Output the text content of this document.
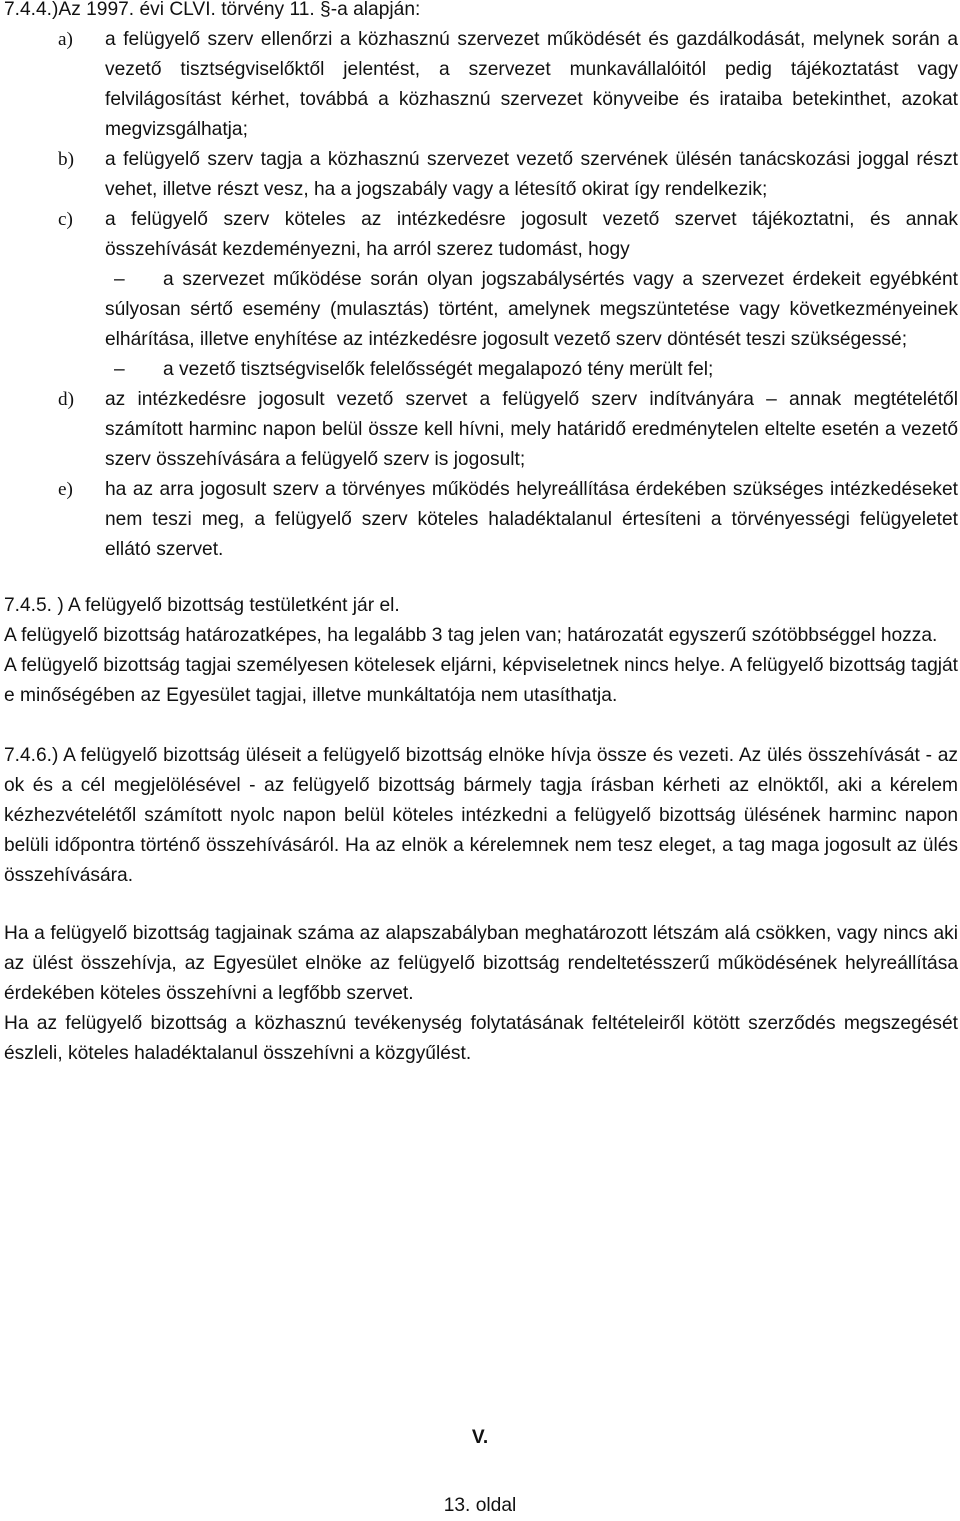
7.4.4.)Az 1997. évi CLVI. törvény 11. §-a alapján:

a) a felügyelő szerv ellenőrzi a közhasznú szervezet működését és gazdálkodását, melynek során a vezető tisztségviselőktől jelentést, a szervezet munkavállalóitól pedig tájékoztatást vagy felvilágosítást kérhet, továbbá a közhasznú szervezet könyveibe és irataiba betekinthet, azokat megvizsgálhatja;
b) a felügyelő szerv tagja a közhasznú szervezet vezető szervének ülésén tanácskozási joggal részt vehet, illetve részt vesz, ha a jogszabály vagy a létesítő okirat így rendelkezik;
c) a felügyelő szerv köteles az intézkedésre jogosult vezető szervet tájékoztatni, és annak összehívását kezdeményezni, ha arról szerez tudomást, hogy
–	a szervezet működése során olyan jogszabálysértés vagy a szervezet érdekeit egyébként súlyosan sértő esemény (mulasztás) történt, amelynek megszüntetése vagy következményeinek elhárítása, illetve enyhítése az intézkedésre jogosult vezető szerv döntését teszi szükségessé;
–	a vezető tisztségviselők felelősségét megalapozó tény merült fel;
d) az intézkedésre jogosult vezető szervet a felügyelő szerv indítványára – annak megtételétől számított harminc napon belül össze kell hívni, mely határidő eredménytelen eltelte esetén a vezető szerv összehívására a felügyelő szerv is jogosult;
e) ha az arra jogosult szerv a törvényes működés helyreállítása érdekében szükséges intézkedéseket nem teszi meg, a felügyelő szerv köteles haladéktalanul értesíteni a törvényességi felügyeletet ellátó szervet.

7.4.5. ) A felügyelő bizottság testületként jár el.

A felügyelő bizottság határozatképes, ha legalább 3 tag jelen van; határozatát egyszerű szótöbbséggel hozza.

A felügyelő bizottság tagjai személyesen kötelesek eljárni, képviseletnek nincs helye. A felügyelő bizottság tagját e minőségében az Egyesület tagjai, illetve munkáltatója nem utasíthatja.

7.4.6.) A felügyelő bizottság üléseit a felügyelő bizottság elnöke hívja össze és vezeti. Az ülés összehívását - az ok és a cél megjelölésével - az felügyelő bizottság bármely tagja írásban kérheti az elnöktől, aki a kérelem kézhezvételétől számított nyolc napon belül köteles intézkedni a felügyelő bizottság ülésének harminc napon belüli időpontra történő összehívásáról. Ha az elnök a kérelemnek nem tesz eleget, a tag maga jogosult az ülés összehívására.

Ha a felügyelő bizottság tagjainak száma az alapszabályban meghatározott létszám alá csökken, vagy nincs aki az ülést összehívja, az Egyesület elnöke az felügyelő bizottság rendeltetésszerű működésének helyreállítása érdekében köteles összehívni a legfőbb szervet.

Ha az felügyelő bizottság a közhasznú tevékenység folytatásának feltételeiről kötött szerződés megszegését észleli, köteles haladéktalanul összehívni a közgyűlést.

V.
13. oldal
